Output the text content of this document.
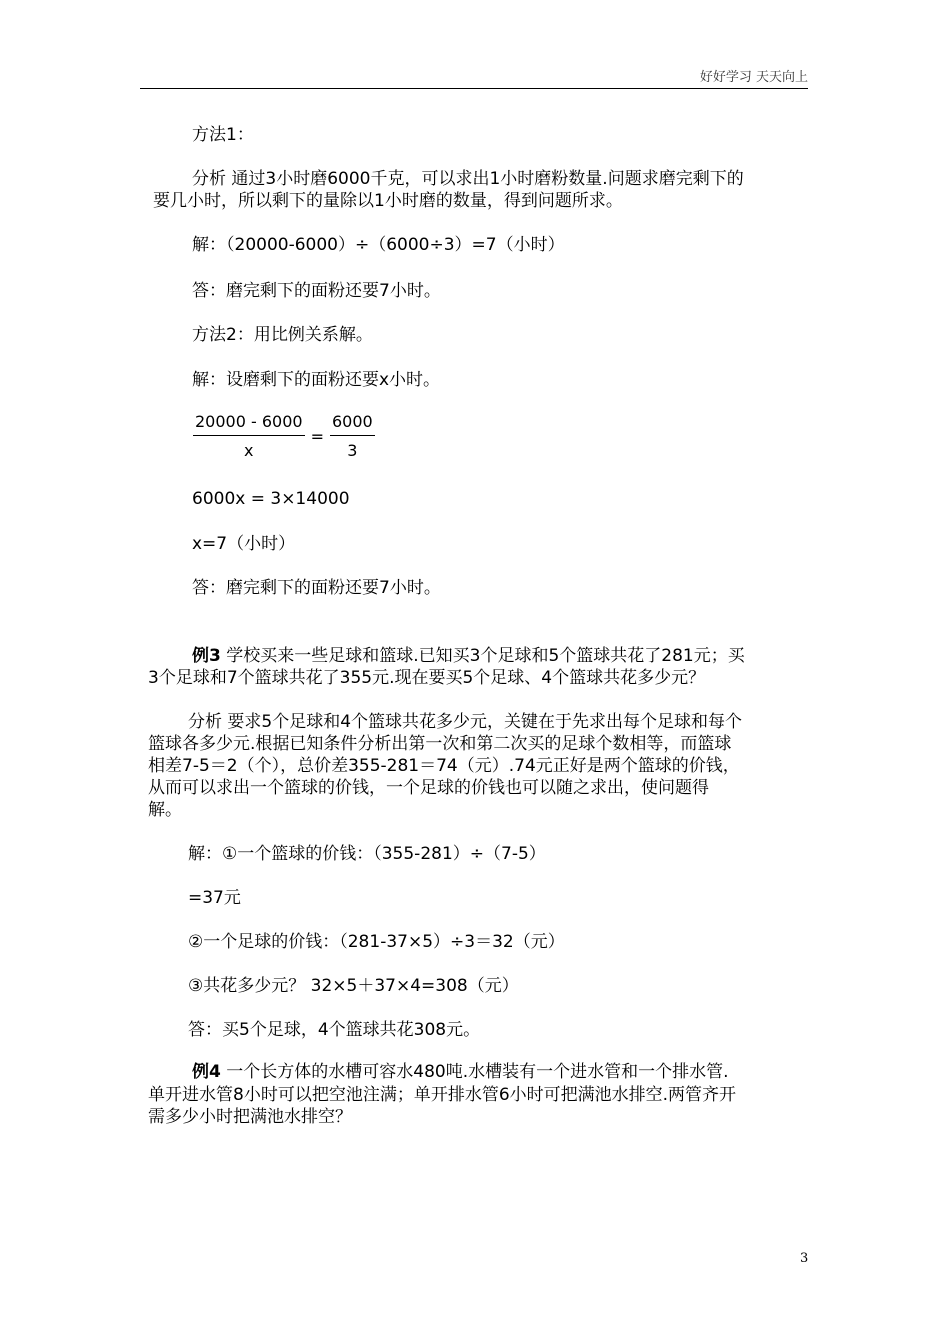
好好学习 天天向上
方法1：
分析 通过3小时磨6000千克，可以求出1小时磨粉数量.问题求磨完剩下的
要几小时，所以剩下的量除以1小时磨的数量，得到问题所求。
解：（20000-6000）÷（6000÷3）=7（小时）
答：磨完剩下的面粉还要7小时。
方法2：用比例关系解。
解：设磨剩下的面粉还要x小时。
$\frac{20000 - 6000}{x} = \frac{6000}{3}$
6000x = 3×14000
x=7（小时）
答：磨完剩下的面粉还要7小时。
例3 学校买来一些足球和篮球.已知买3个足球和5个篮球共花了281元；买
3个足球和7个篮球共花了355元.现在要买5个足球、4个篮球共花多少元？
分析 要求5个足球和4个篮球共花多少元，关键在于先求出每个足球和每个
篮球各多少元.根据已知条件分析出第一次和第二次买的足球个数相等，而篮球
相差7-5＝2（个），总价差355-281＝74（元）.74元正好是两个篮球的价钱，
从而可以求出一个篮球的价钱，一个足球的价钱也可以随之求出，使问题得
解。
解：①一个篮球的价钱：（355-281）÷（7-5）
=37元
②一个足球的价钱：（281-37×5）÷3＝32（元）
③共花多少元？ 32×5＋37×4=308（元）
答：买5个足球，4个篮球共花308元。
例4 一个长方体的水槽可容水480吨.水槽装有一个进水管和一个排水管.
单开进水管8小时可以把空池注满；单开排水管6小时可把满池水排空.两管齐开
需多少小时把满池水排空？
3
